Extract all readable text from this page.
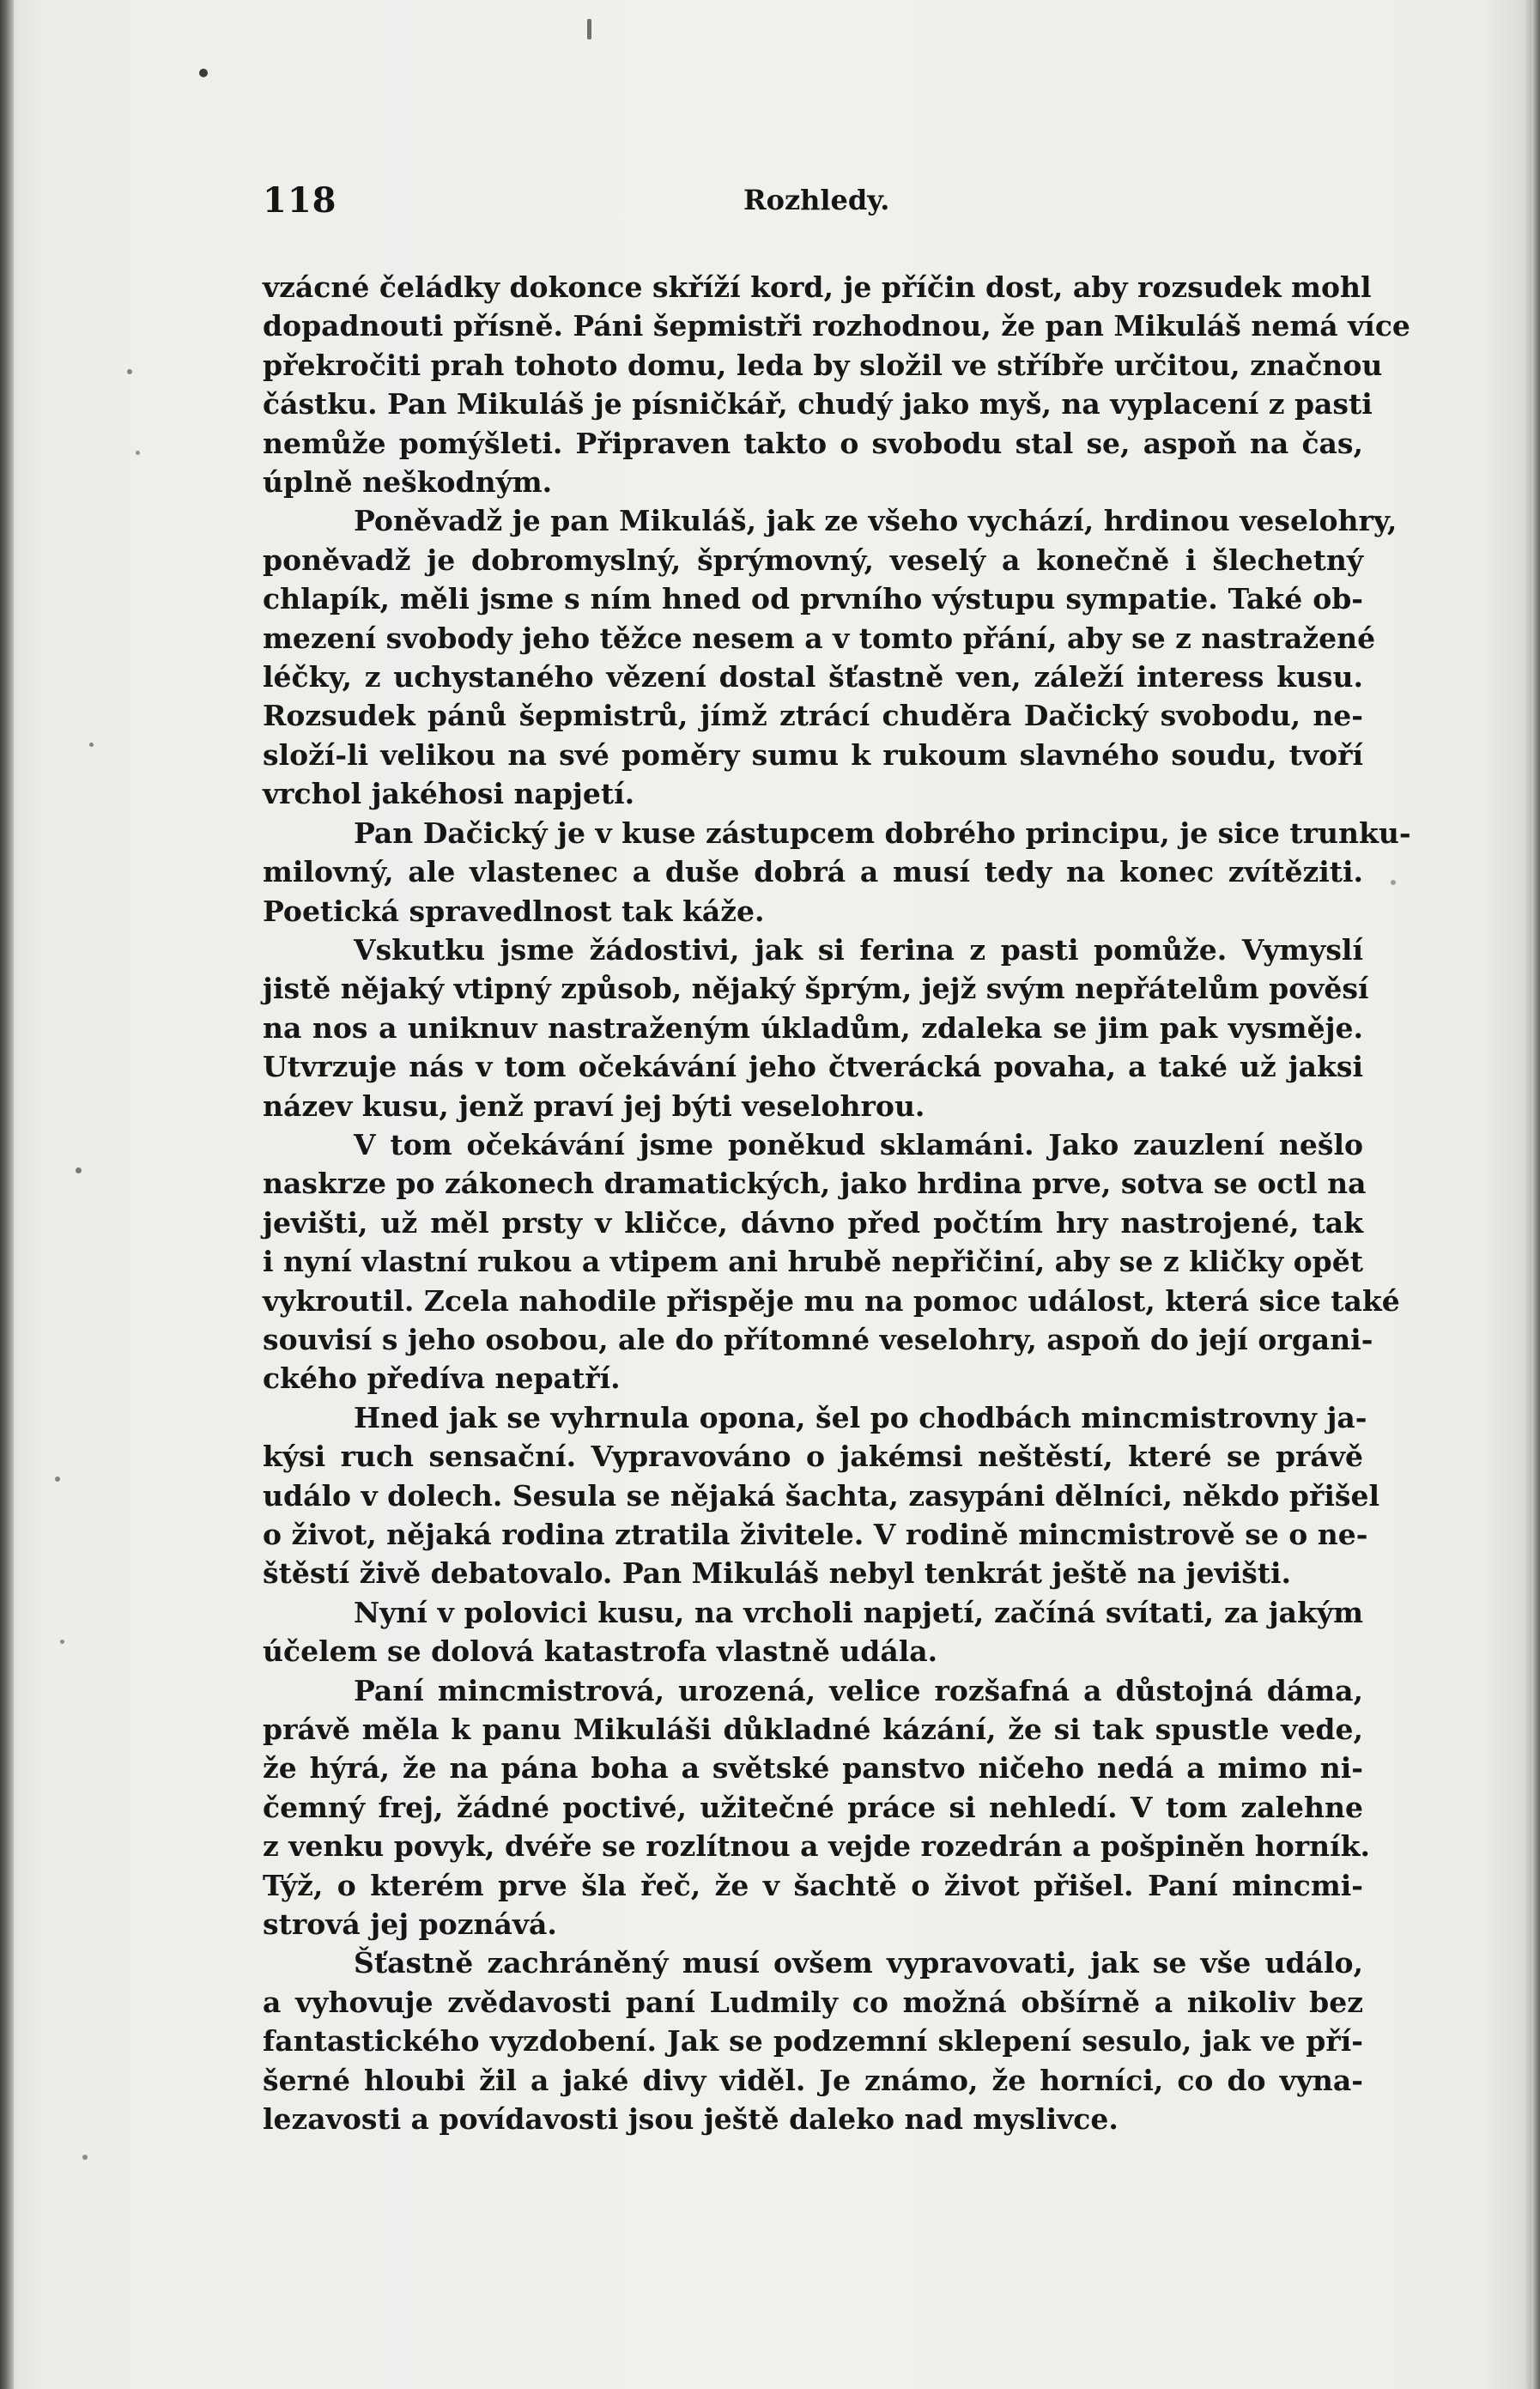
118	Rozhledy.
vzácné čeládky dokonce skříží kord, je příčin dost, aby rozsudek mohl
dopadnouti přísně. Páni šepmistři rozhodnou, že pan Mikuláš nemá více
překročiti prah tohoto domu, leda by složil ve stříbře určitou, značnou
částku. Pan Mikuláš je písničkář, chudý jako myš, na vyplacení z pasti
nemůže pomýšleti. Připraven takto o svobodu stal se, aspoň na čas,
úplně neškodným.
Poněvadž je pan Mikuláš, jak ze všeho vychází, hrdinou veselohry,
poněvadž je dobromyslný, šprýmovný, veselý a konečně i šlechetný
chlapík, měli jsme s ním hned od prvního výstupu sympatie. Také ob-
mezení svobody jeho těžce nesem a v tomto přání, aby se z nastražené
léčky, z uchystaného vězení dostal šťastně ven, záleží interess kusu.
Rozsudek pánů šepmistrů, jímž ztrácí chuděra Dačický svobodu, ne-
složí-li velikou na své poměry sumu k rukoum slavného soudu, tvoří
vrchol jakéhosi napjetí.
Pan Dačický je v kuse zástupcem dobrého principu, je sice trunku-
milovný, ale vlastenec a duše dobrá a musí tedy na konec zvítěziti.
Poetická spravedlnost tak káže.
Vskutku jsme žádostivi, jak si ferina z pasti pomůže. Vymyslí
jistě nějaký vtipný způsob, nějaký šprým, jejž svým nepřátelům pověsí
na nos a uniknuv nastraženým úkladům, zdaleka se jim pak vysměje.
Utvrzuje nás v tom očekávání jeho čtverácká povaha, a také už jaksi
název kusu, jenž praví jej býti veselohrou.
V tom očekávání jsme poněkud sklamáni. Jako zauzlení nešlo
naskrze po zákonech dramatických, jako hrdina prve, sotva se octl na
jevišti, už měl prsty v kličce, dávno před počtím hry nastrojené, tak
i nyní vlastní rukou a vtipem ani hrubě nepřičiní, aby se z kličky opět
vykroutil. Zcela nahodile přispěje mu na pomoc událost, která sice také
souvisí s jeho osobou, ale do přítomné veselohry, aspoň do její organi-
ckého předíva nepatří.
Hned jak se vyhrnula opona, šel po chodbách mincmistrovny ja-
kýsi ruch sensační. Vypravováno o jakémsi neštěstí, které se právě
událo v dolech. Sesula se nějaká šachta, zasypáni dělníci, někdo přišel
o život, nějaká rodina ztratila živitele. V rodině mincmistrově se o ne-
štěstí živě debatovalo. Pan Mikuláš nebyl tenkrát ještě na jevišti.
Nyní v polovici kusu, na vrcholi napjetí, začíná svítati, za jakým
účelem se dolová katastrofa vlastně udála.
Paní mincmistrová, urozená, velice rozšafná a důstojná dáma,
právě měla k panu Mikuláši důkladné kázání, že si tak spustle vede,
že hýrá, že na pána boha a světské panstvo ničeho nedá a mimo ni-
čemný frej, žádné poctivé, užitečné práce si nehledí. V tom zalehne
z venku povyk, dvéře se rozlítnou a vejde rozedrán a pošpiněn horník.
Týž, o kterém prve šla řeč, že v šachtě o život přišel. Paní mincmi-
strová jej poznává.
Šťastně zachráněný musí ovšem vypravovati, jak se vše událo,
a vyhovuje zvědavosti paní Ludmily co možná obšírně a nikoliv bez
fantastického vyzdobení. Jak se podzemní sklepení sesulo, jak ve pří-
šerné hloubi žil a jaké divy viděl. Je známo, že horníci, co do vyna-
lezavosti a povídavosti jsou ještě daleko nad myslivce.
